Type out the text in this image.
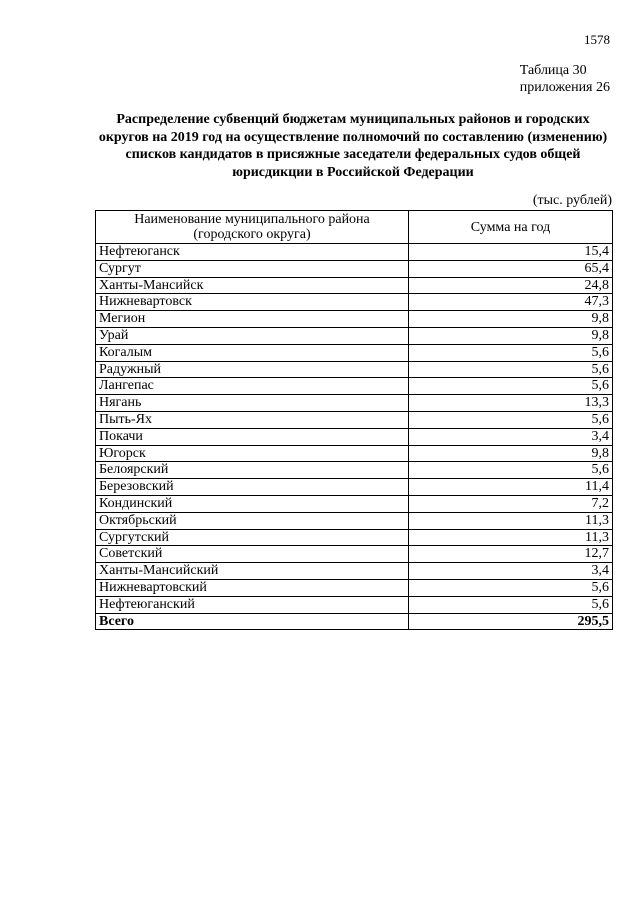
1578
Таблица 30
приложения 26
Распределение субвенций бюджетам муниципальных районов и городских округов на 2019 год на осуществление полномочий по составлению (изменению) списков кандидатов в присяжные заседатели федеральных судов общей юрисдикции в Российской Федерации
(тыс. рублей)
Наименование муниципального района (городского округа)	Сумма на год
Нефтеюганск	15,4
Сургут	65,4
Ханты-Мансийск	24,8
Нижневартовск	47,3
Мегион	9,8
Урай	9,8
Когалым	5,6
Радужный	5,6
Лангепас	5,6
Нягань	13,3
Пыть-Ях	5,6
Покачи	3,4
Югорск	9,8
Белоярский	5,6
Березовский	11,4
Кондинский	7,2
Октябрьский	11,3
Сургутский	11,3
Советский	12,7
Ханты-Мансийский	3,4
Нижневартовский	5,6
Нефтеюганский	5,6
Всего	295,5
